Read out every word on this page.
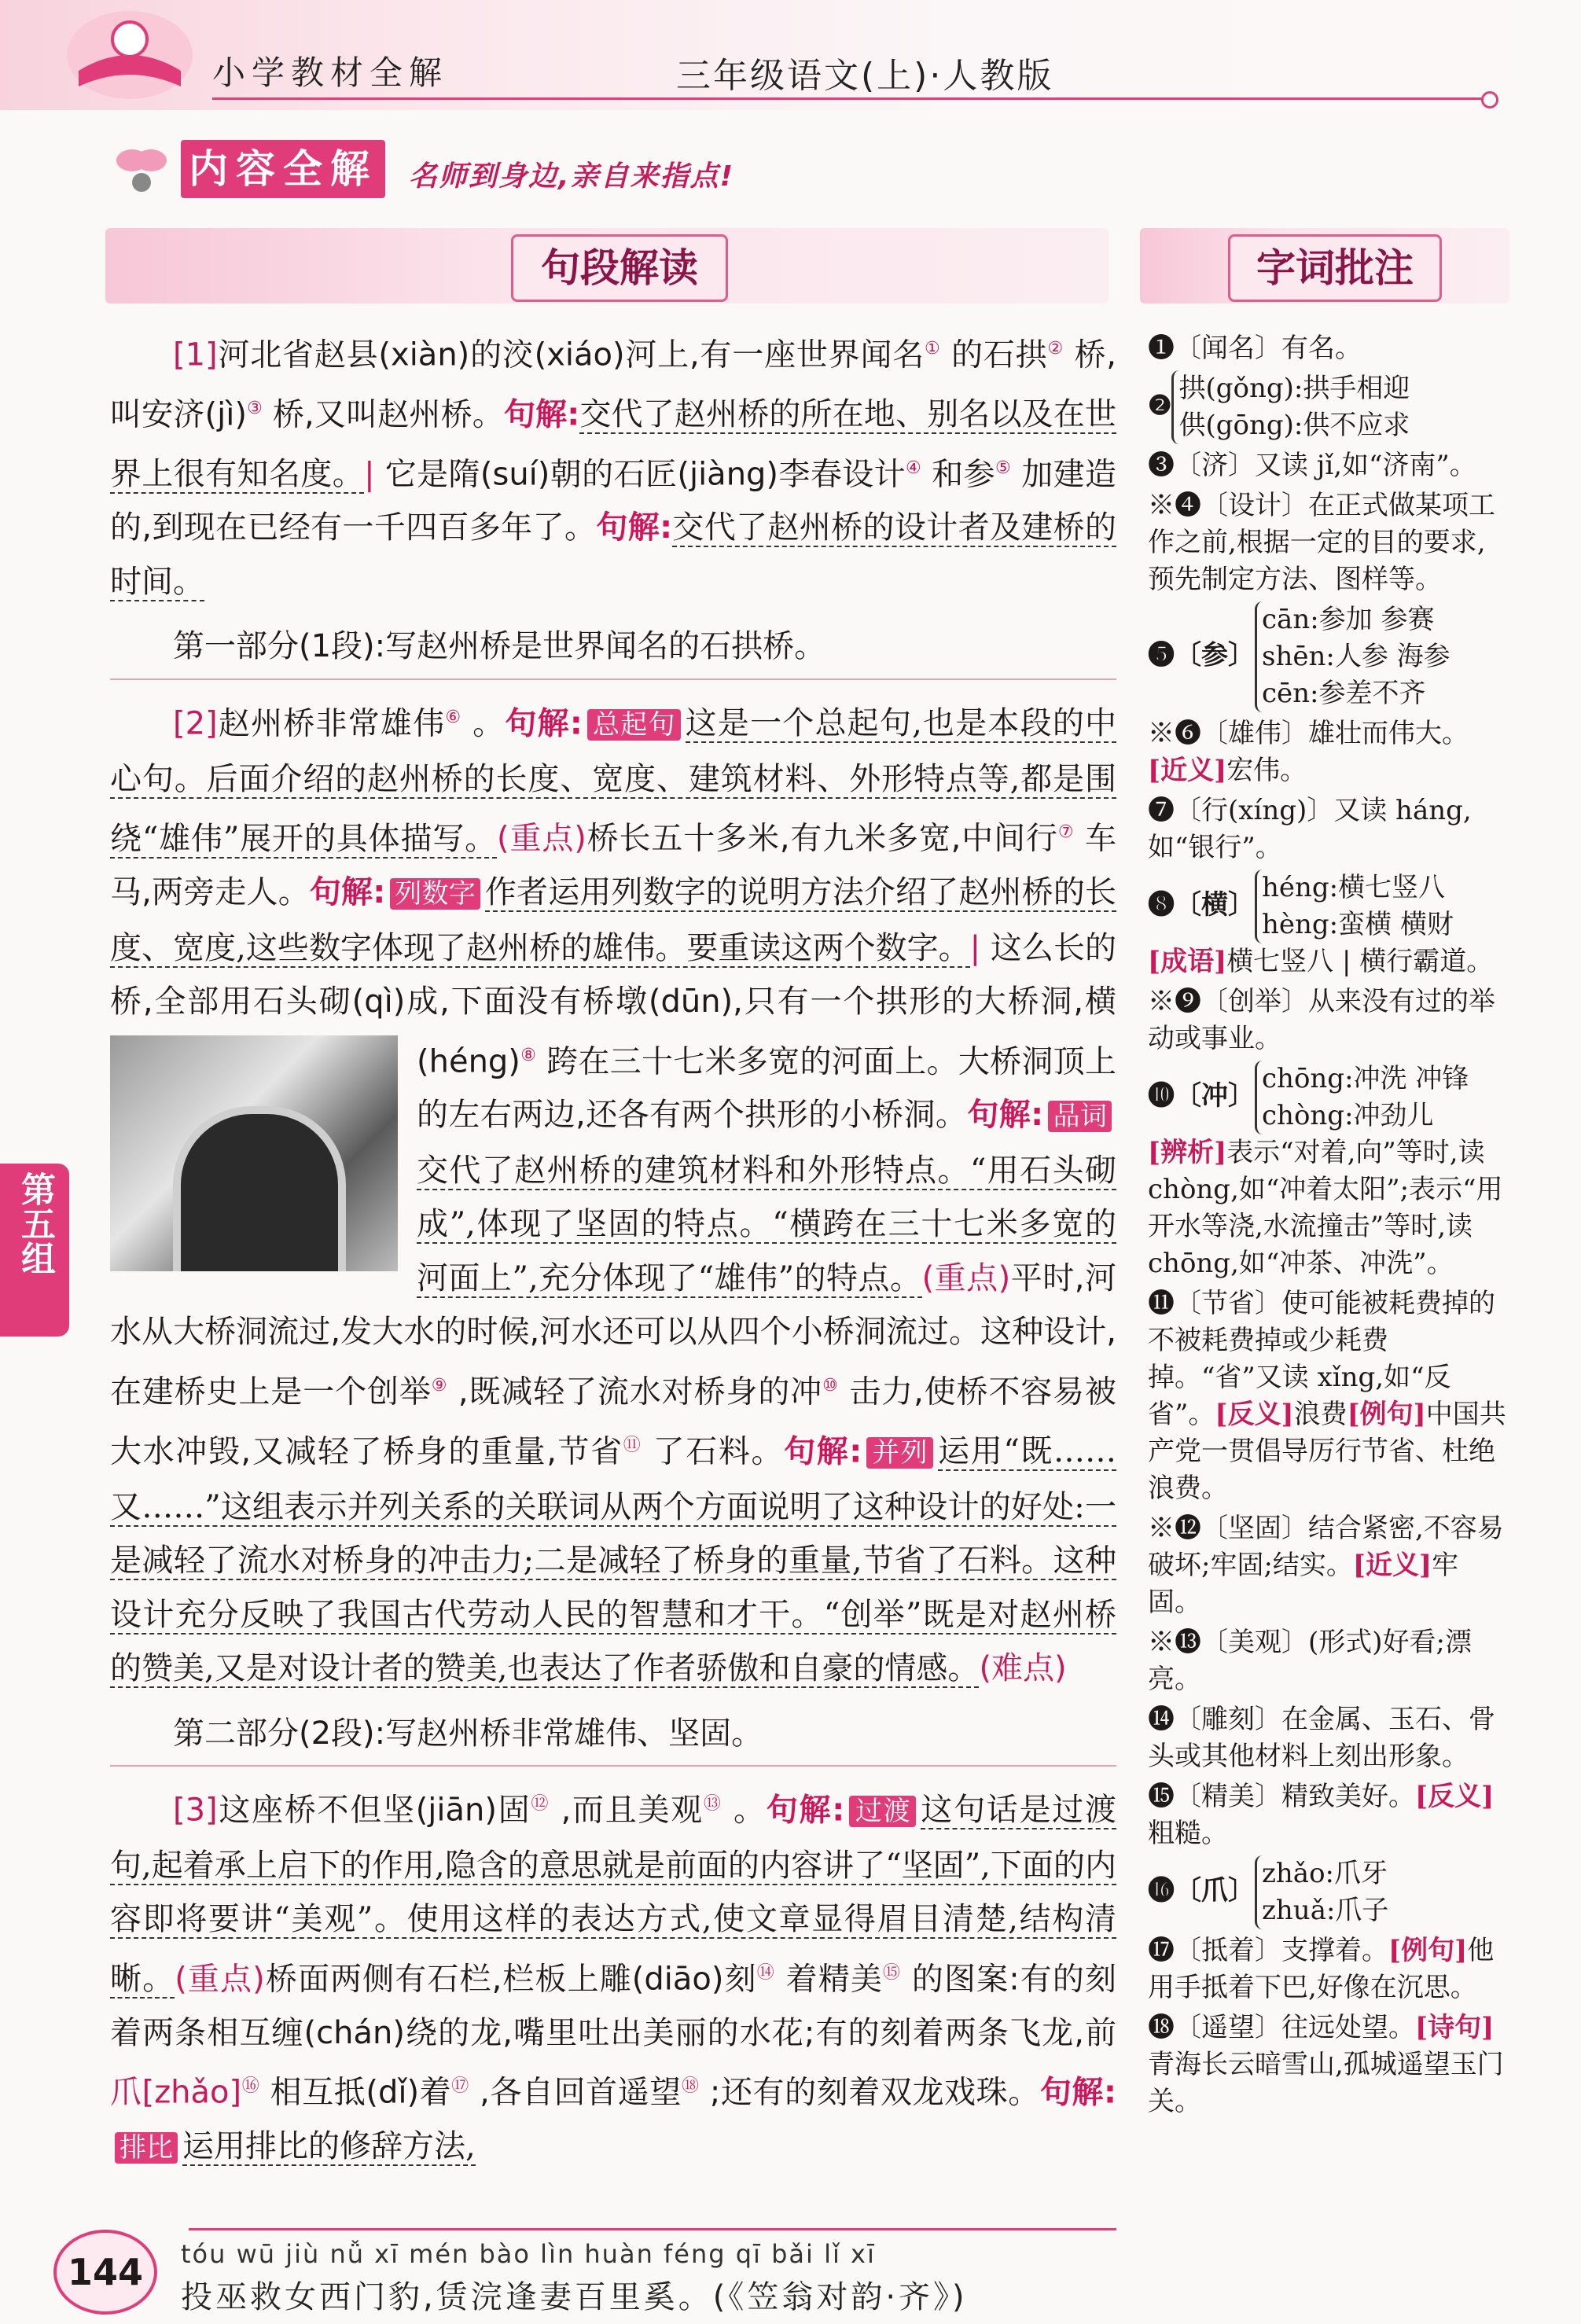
小学教材全解	三年级语文(上)·人教版
内容全解 名师到身边,亲自来指点!
句段解读	字词批注

[1]河北省赵县(xiàn)的洨(xiáo)河上,有一座世界闻名① 的石拱② 桥,叫安济(jì)③ 桥,又叫赵州桥。句解:交代了赵州桥的所在地、别名以及在世界上很有知名度。| 它是隋(suí)朝的石匠(jiàng)李春设计④ 和参⑤ 加建造的,到现在已经有一千四百多年了。句解:交代了赵州桥的设计者及建桥的时间。

第一部分(1段):写赵州桥是世界闻名的石拱桥。

[2]赵州桥非常雄伟⑥ 。句解: 总起句 这是一个总起句,也是本段的中心句。后面介绍的赵州桥的长度、宽度、建筑材料、外形特点等,都是围绕“雄伟”展开的具体描写。(重点)桥长五十多米,有九米多宽,中间行⑦ 车马,两旁走人。句解: 列数字 作者运用列数字的说明方法介绍了赵州桥的长度、宽度,这些数字体现了赵州桥的雄伟。要重读这两个数字。| 这么长的桥,全部用石头砌(qì)成,下面没有桥墩(dūn),只有一个拱形的大桥洞,横(héng)⑧
跨在三十七米多宽的河面上。大桥洞顶上的左右两边,还各有两个拱形的小桥洞。句解: 品词交代了赵州桥的建筑材料和外形特点。“用石头砌成”,体现了坚固的特点。“横跨在三十七米多宽的河面上”,充分体现了“雄伟”的特点。(重点)平时,河水从大桥洞流过,发大水的时候,河水还可以从四个小桥洞流过。这种设计,在建桥史上是一个创举⑨ ,既减轻了流水对桥身的冲⑩ 击力,使桥不容易被大水冲毁,又减轻了桥身的重量,节省⑪ 了石料。句解: 并列 运用“既……又……”这组表示并列关系的关联词从两个方面说明了这种设计的好处:一是减轻了流水对桥身的冲击力;二是减轻了桥身的重量,节省了石料。这种设计充分反映了我国古代劳动人民的智慧和才干。“创举”既是对赵州桥的赞美,又是对设计者的赞美,也表达了作者骄傲和自豪的情感。(难点)

第二部分(2段):写赵州桥非常雄伟、坚固。

[3]这座桥不但坚(jiān)固⑫ ,而且美观⑬ 。句解: 过渡 这句话是过渡句,起着承上启下的作用,隐含的意思就是前面的内容讲了“坚固”,下面的内容即将要讲“美观”。使用这样的表达方式,使文章显得眉目清楚,结构清晰。(重点)桥面两侧有石栏,栏板上雕(diāo)刻⑭ 着精美⑮ 的图案:有的刻着两条相互缠(chán)绕的龙,嘴里吐出美丽的水花;有的刻着两条飞龙,前爪[zhǎo]⑯ 相互抵(dǐ)着⑰ ,各自回首遥望⑱ ;还有的刻着双龙戏珠。句解:排比 运用排比的修辞方法,

❶〔闻名〕有名。
❷拱(gǒng):拱手相迎
供(gōng):供不应求
❸〔济〕又读 jǐ,如“济南”。
※❹〔设计〕在正式做某项工作之前,根据一定的目的要求,预先制定方法、图样等。
❺〔参〕cān:参加 参赛
shēn:人参 海参
cēn:参差不齐
※❻〔雄伟〕雄壮而伟大。
[近义]宏伟。
❼〔行(xíng)〕又读 háng,如“银行”。
❽〔横〕héng:横七竖八
hèng:蛮横 横财
[成语]横七竖八 | 横行霸道。
※❾〔创举〕从来没有过的举动或事业。
❿〔冲〕chōng:冲洗 冲锋
chòng:冲劲儿
[辨析]表示“对着,向”等时,读 chòng,如“冲着太阳”;表示“用开水等浇,水流撞击”等时,读 chōng,如“冲茶、冲洗”。
⓫〔节省〕使可能被耗费掉的不被耗费掉或少耗费掉。“省”又读 xǐng,如“反省”。[反义]浪费[例句]中国共产党一贯倡导厉行节省、杜绝浪费。
※⓬〔坚固〕结合紧密,不容易破坏;牢固;结实。[近义]牢固。
※⓭〔美观〕(形式)好看;漂亮。
⓮〔雕刻〕在金属、玉石、骨头或其他材料上刻出形象。
⓯〔精美〕精致美好。[反义]粗糙。
⓰〔爪〕zhǎo:爪牙
zhuǎ:爪子
⓱〔抵着〕支撑着。[例句]他用手抵着下巴,好像在沉思。
⓲〔遥望〕往远处望。[诗句]青海长云暗雪山,孤城遥望玉门关。
第五组
144	tóu wū jiù nǚ xī mén bào lìn huàn féng qī bǎi lǐ xī
投巫救女西门豹,赁浣逢妻百里奚。(《笠翁对韵·齐》)
